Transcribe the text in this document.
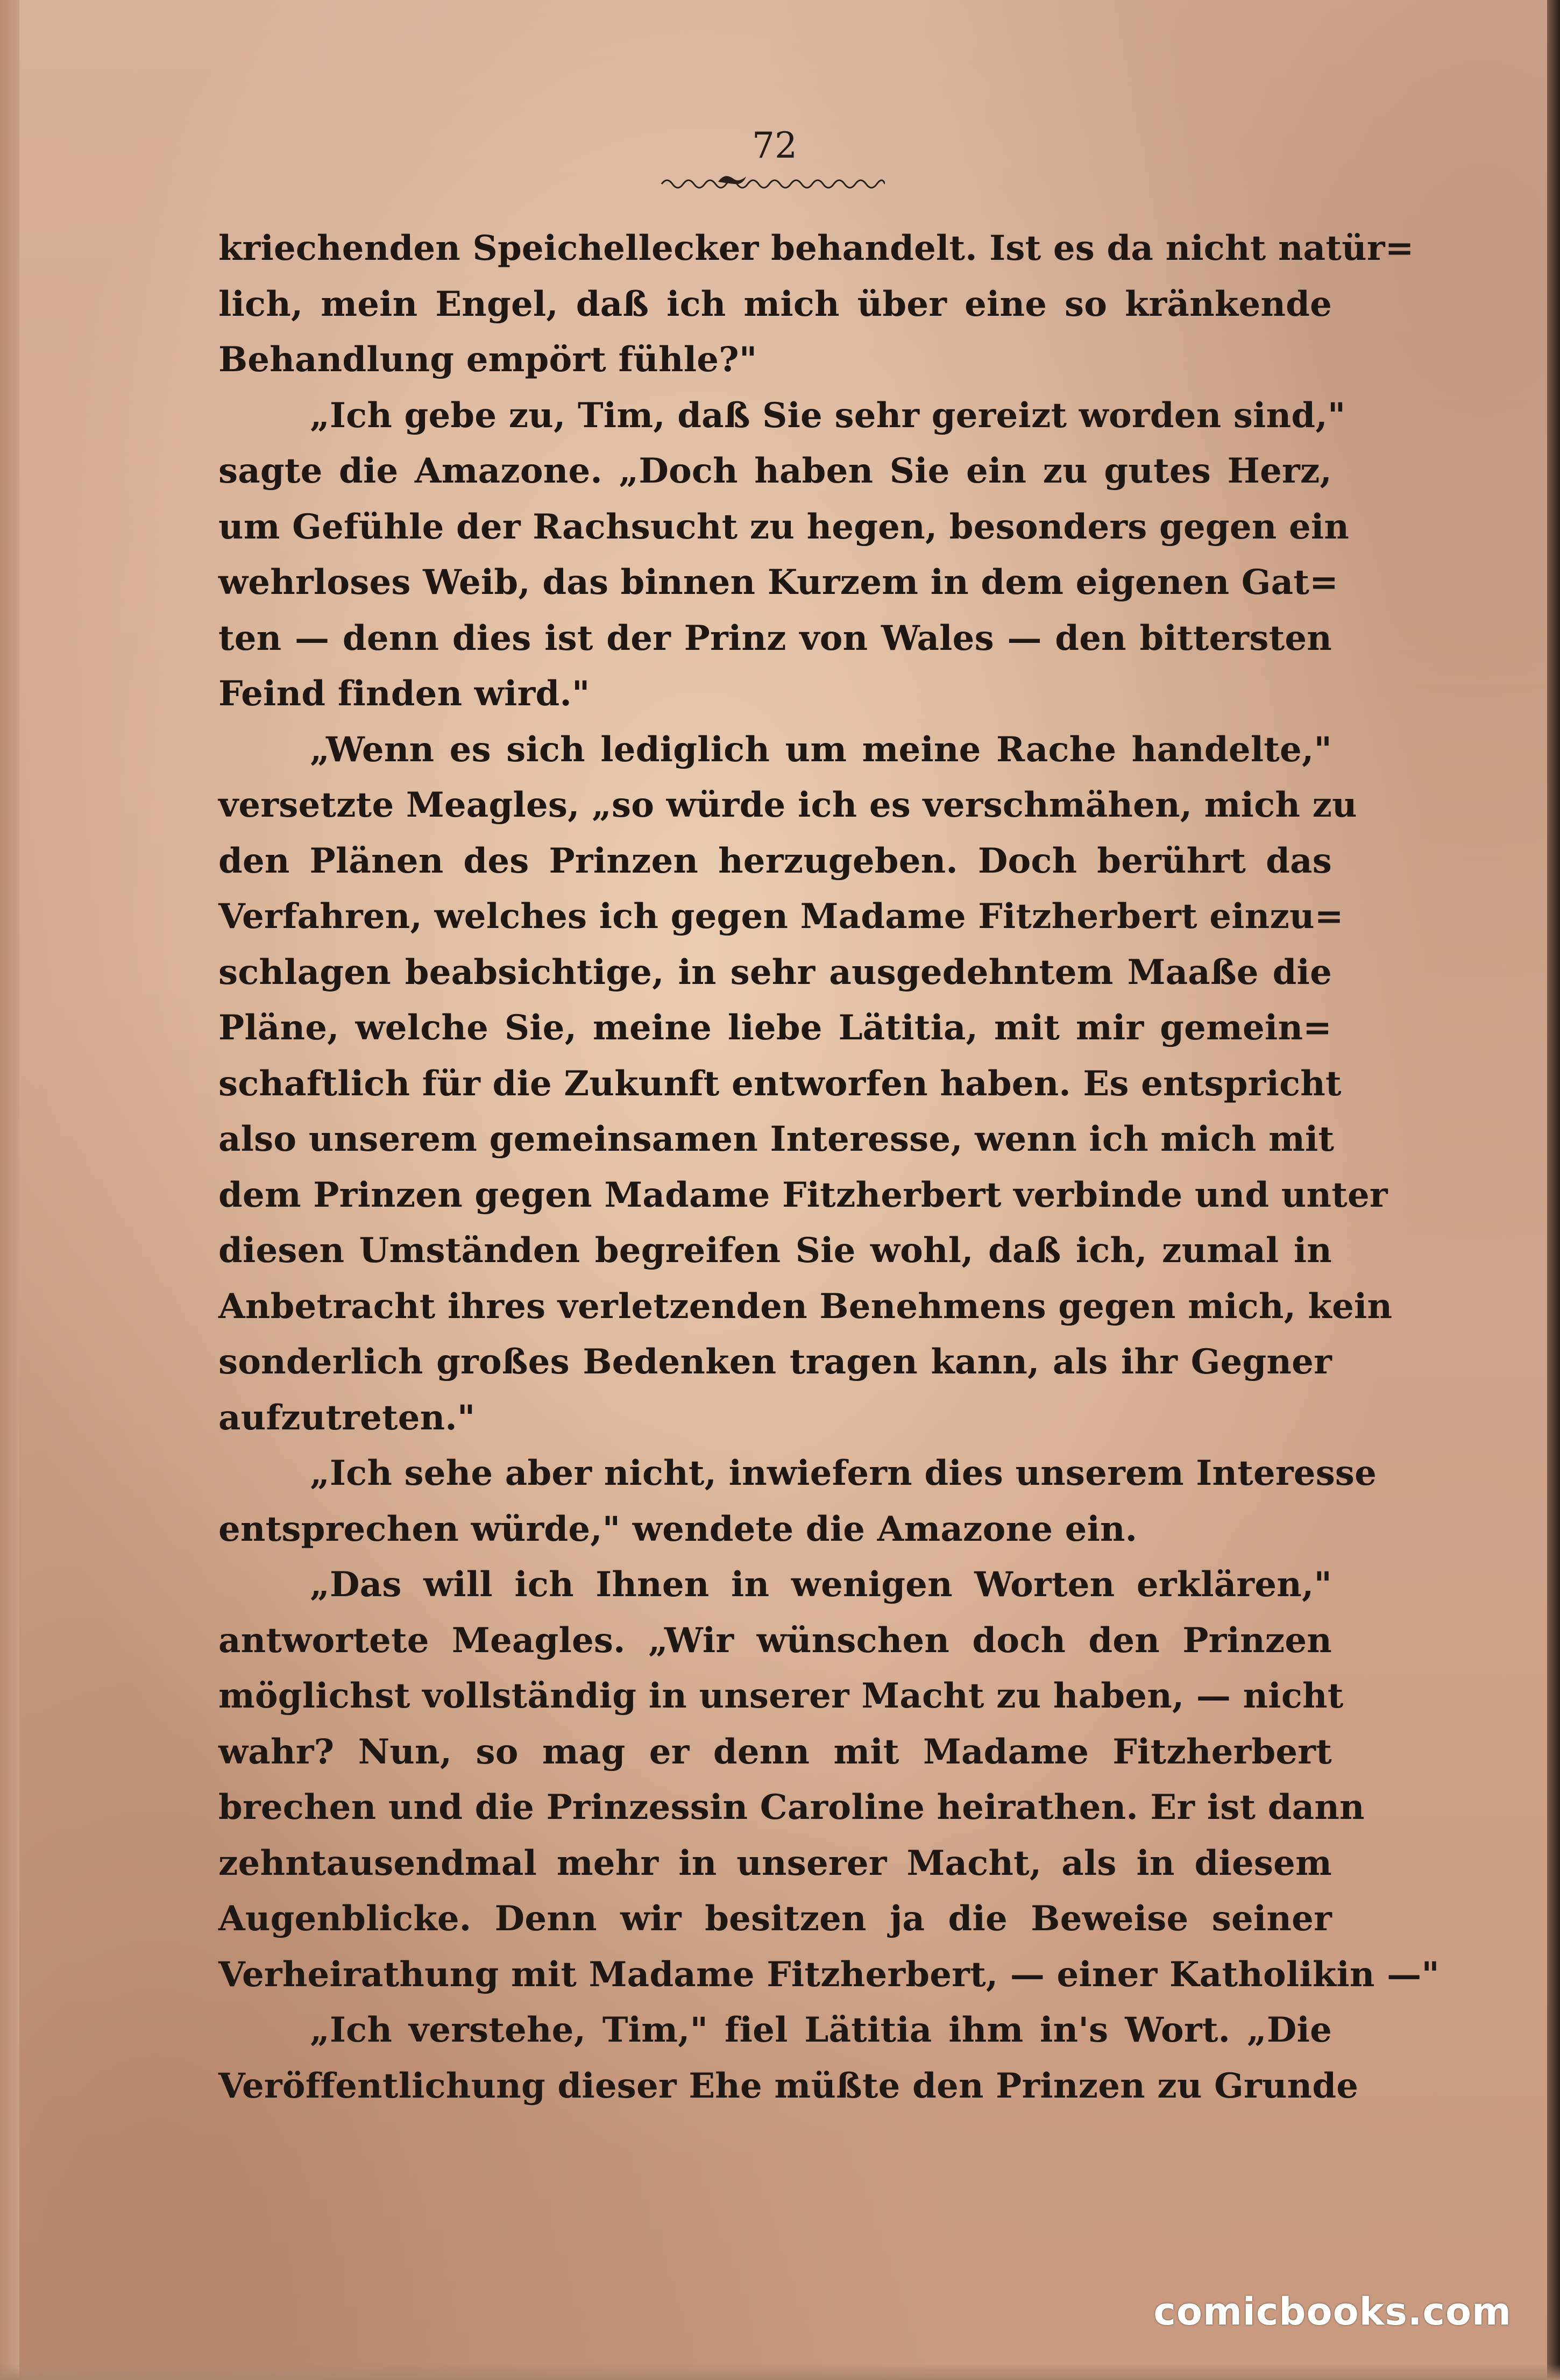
72
kriechenden Speichellecker behandelt. Ist es da nicht natür=
lich, mein Engel, daß ich mich über eine so kränkende
Behandlung empört fühle?"
„Ich gebe zu, Tim, daß Sie sehr gereizt worden sind,"
sagte die Amazone. „Doch haben Sie ein zu gutes Herz,
um Gefühle der Rachsucht zu hegen, besonders gegen ein
wehrloses Weib, das binnen Kurzem in dem eigenen Gat=
ten — denn dies ist der Prinz von Wales — den bittersten
Feind finden wird."
„Wenn es sich lediglich um meine Rache handelte,"
versetzte Meagles, „so würde ich es verschmähen, mich zu
den Plänen des Prinzen herzugeben. Doch berührt das
Verfahren, welches ich gegen Madame Fitzherbert einzu=
schlagen beabsichtige, in sehr ausgedehntem Maaße die
Pläne, welche Sie, meine liebe Lätitia, mit mir gemein=
schaftlich für die Zukunft entworfen haben. Es entspricht
also unserem gemeinsamen Interesse, wenn ich mich mit
dem Prinzen gegen Madame Fitzherbert verbinde und unter
diesen Umständen begreifen Sie wohl, daß ich, zumal in
Anbetracht ihres verletzenden Benehmens gegen mich, kein
sonderlich großes Bedenken tragen kann, als ihr Gegner
aufzutreten."
„Ich sehe aber nicht, inwiefern dies unserem Interesse
entsprechen würde," wendete die Amazone ein.
„Das will ich Ihnen in wenigen Worten erklären,"
antwortete Meagles. „Wir wünschen doch den Prinzen
möglichst vollständig in unserer Macht zu haben, — nicht
wahr? Nun, so mag er denn mit Madame Fitzherbert
brechen und die Prinzessin Caroline heirathen. Er ist dann
zehntausendmal mehr in unserer Macht, als in diesem
Augenblicke. Denn wir besitzen ja die Beweise seiner
Verheirathung mit Madame Fitzherbert, — einer Katholikin —"
„Ich verstehe, Tim," fiel Lätitia ihm in's Wort. „Die
Veröffentlichung dieser Ehe müßte den Prinzen zu Grunde
comicbooks.com
